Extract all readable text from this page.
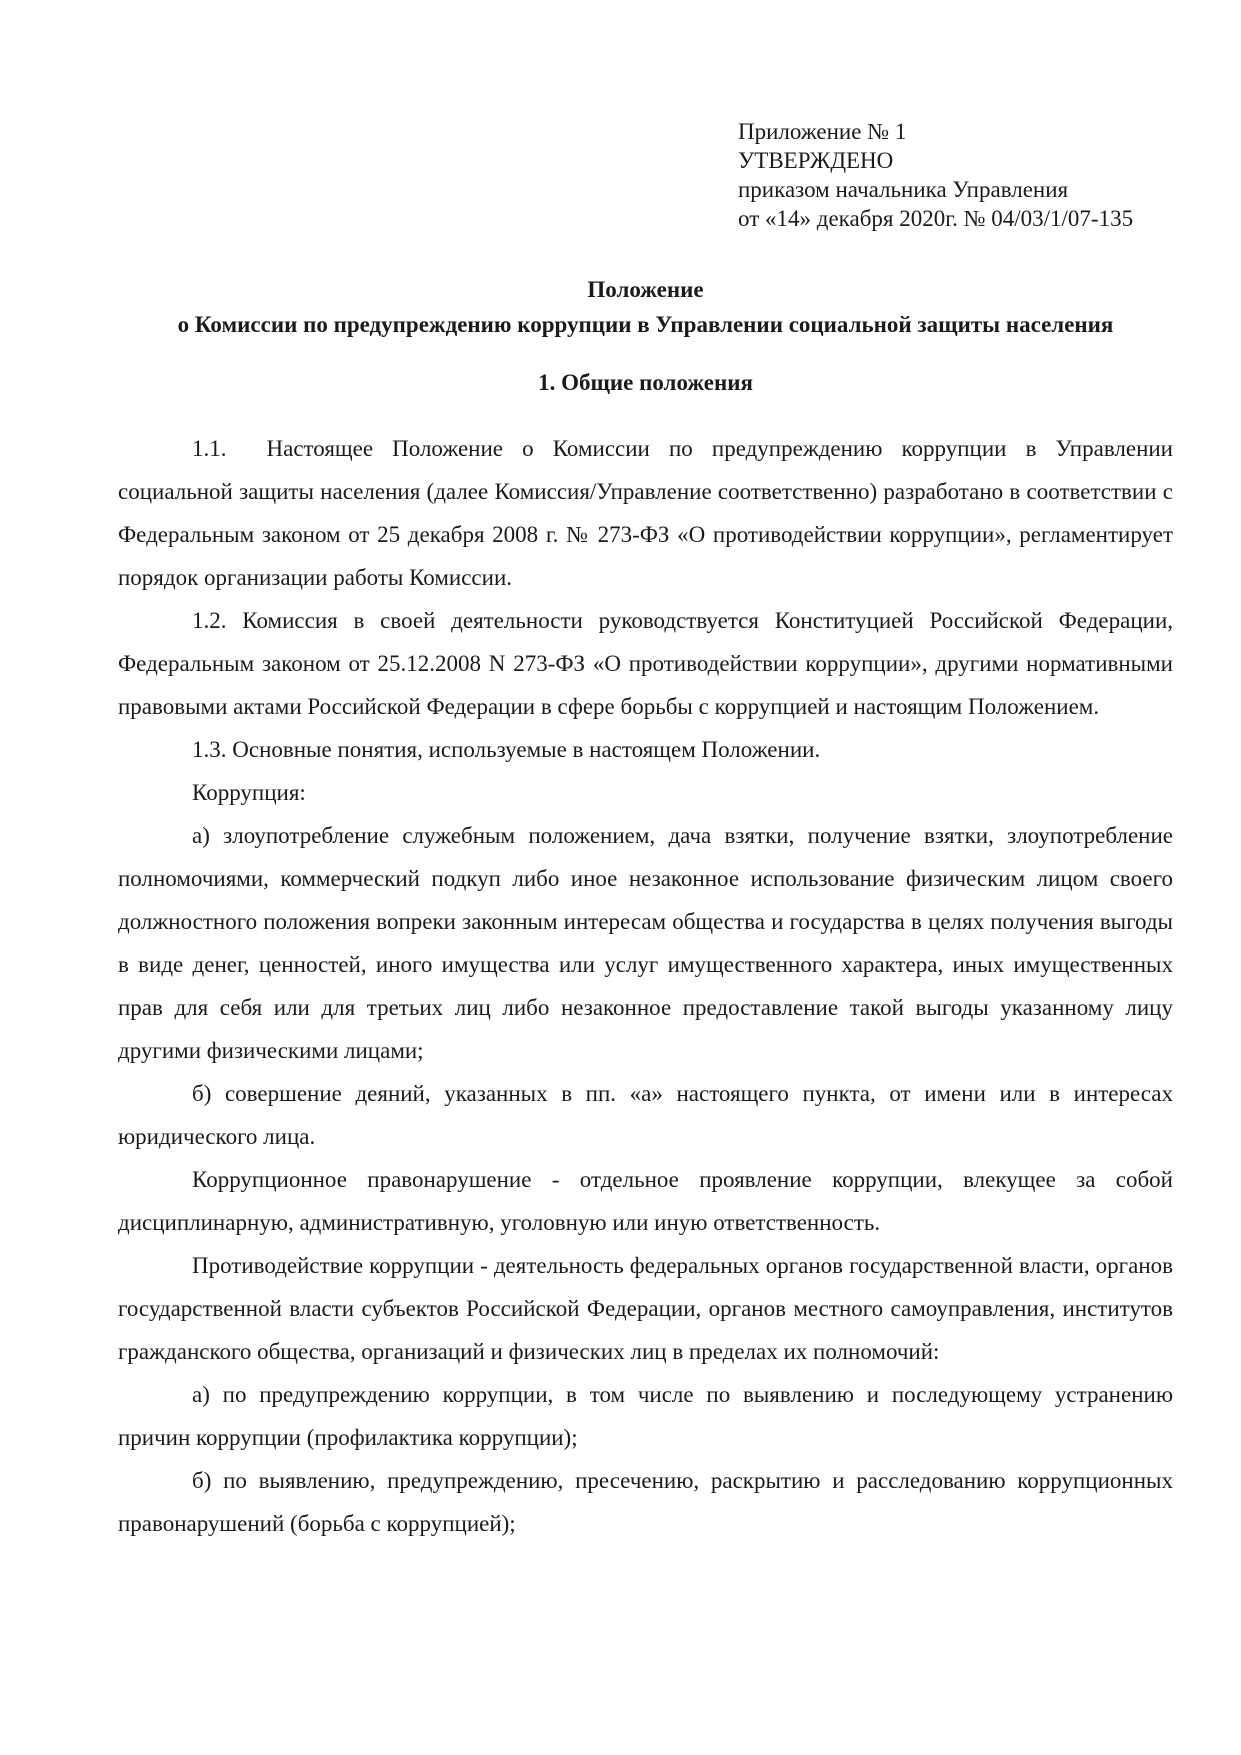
Приложение № 1
УТВЕРЖДЕНО
приказом начальника Управления
от «14» декабря 2020г. № 04/03/1/07-135
Положение
о Комиссии по предупреждению коррупции в Управлении социальной защиты населения
1. Общие положения

1.1. Настоящее Положение о Комиссии по предупреждению коррупции в Управлении социальной защиты населения (далее Комиссия/Управление соответственно) разработано в соответствии с Федеральным законом от 25 декабря 2008 г. № 273-ФЗ «О противодействии коррупции», регламентирует порядок организации работы Комиссии.

1.2. Комиссия в своей деятельности руководствуется Конституцией Российской Федерации, Федеральным законом от 25.12.2008 N 273-ФЗ «О противодействии коррупции», другими нормативными правовыми актами Российской Федерации в сфере борьбы с коррупцией и настоящим Положением.

1.3. Основные понятия, используемые в настоящем Положении.

Коррупция:

а) злоупотребление служебным положением, дача взятки, получение взятки, злоупотребление полномочиями, коммерческий подкуп либо иное незаконное использование физическим лицом своего должностного положения вопреки законным интересам общества и государства в целях получения выгоды в виде денег, ценностей, иного имущества или услуг имущественного характера, иных имущественных прав для себя или для третьих лиц либо незаконное предоставление такой выгоды указанному лицу другими физическими лицами;

б) совершение деяний, указанных в пп. «а» настоящего пункта, от имени или в интересах юридического лица.

Коррупционное правонарушение - отдельное проявление коррупции, влекущее за собой дисциплинарную, административную, уголовную или иную ответственность.

Противодействие коррупции - деятельность федеральных органов государственной власти, органов государственной власти субъектов Российской Федерации, органов местного самоуправления, институтов гражданского общества, организаций и физических лиц в пределах их полномочий:

а) по предупреждению коррупции, в том числе по выявлению и последующему устранению причин коррупции (профилактика коррупции);

б) по выявлению, предупреждению, пресечению, раскрытию и расследованию коррупционных правонарушений (борьба с коррупцией);
